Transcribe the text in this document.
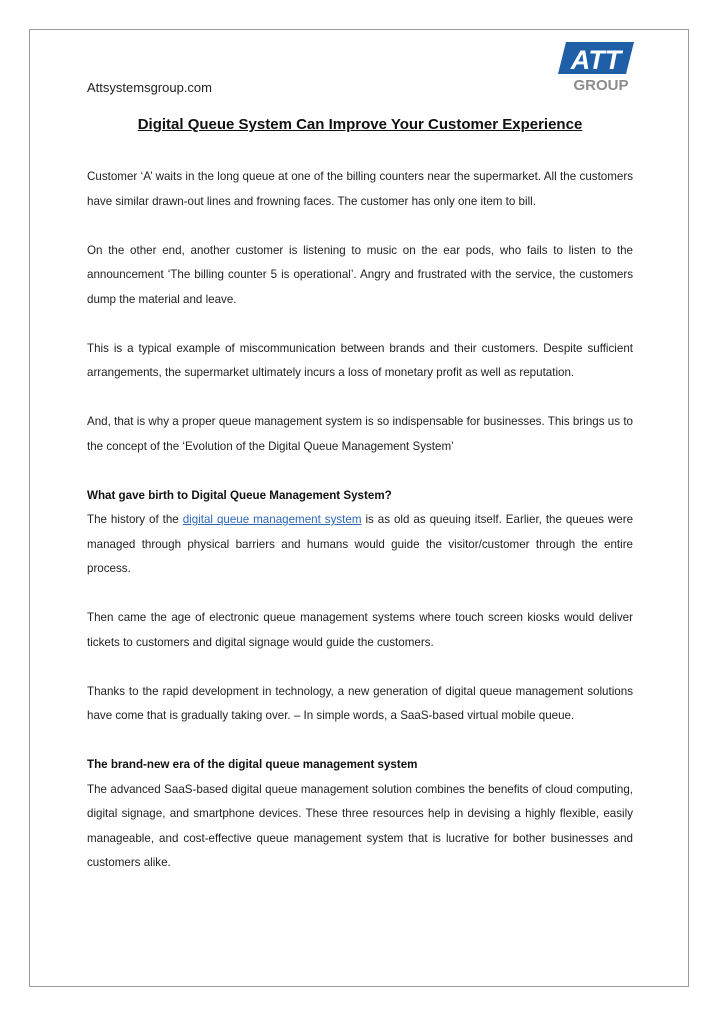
Attsystemsgroup.com
ATT
GROUP
Digital Queue System Can Improve Your Customer Experience

Customer ‘A’ waits in the long queue at one of the billing counters near the supermarket. All the customers have similar drawn-out lines and frowning faces. The customer has only one item to bill.

On the other end, another customer is listening to music on the ear pods, who fails to listen to the announcement ‘The billing counter 5 is operational’. Angry and frustrated with the service, the customers dump the material and leave.

This is a typical example of miscommunication between brands and their customers. Despite sufficient arrangements, the supermarket ultimately incurs a loss of monetary profit as well as reputation.

And, that is why a proper queue management system is so indispensable for businesses. This brings us to the concept of the ‘Evolution of the Digital Queue Management System’

What gave birth to Digital Queue Management System?

The history of the digital queue management system is as old as queuing itself. Earlier, the queues were managed through physical barriers and humans would guide the visitor/customer through the entire process.

Then came the age of electronic queue management systems where touch screen kiosks would deliver tickets to customers and digital signage would guide the customers.

Thanks to the rapid development in technology, a new generation of digital queue management solutions have come that is gradually taking over. – In simple words, a SaaS-based virtual mobile queue.

The brand-new era of the digital queue management system

The advanced SaaS-based digital queue management solution combines the benefits of cloud computing, digital signage, and smartphone devices. These three resources help in devising a highly flexible, easily manageable, and cost-effective queue management system that is lucrative for bother businesses and customers alike.
